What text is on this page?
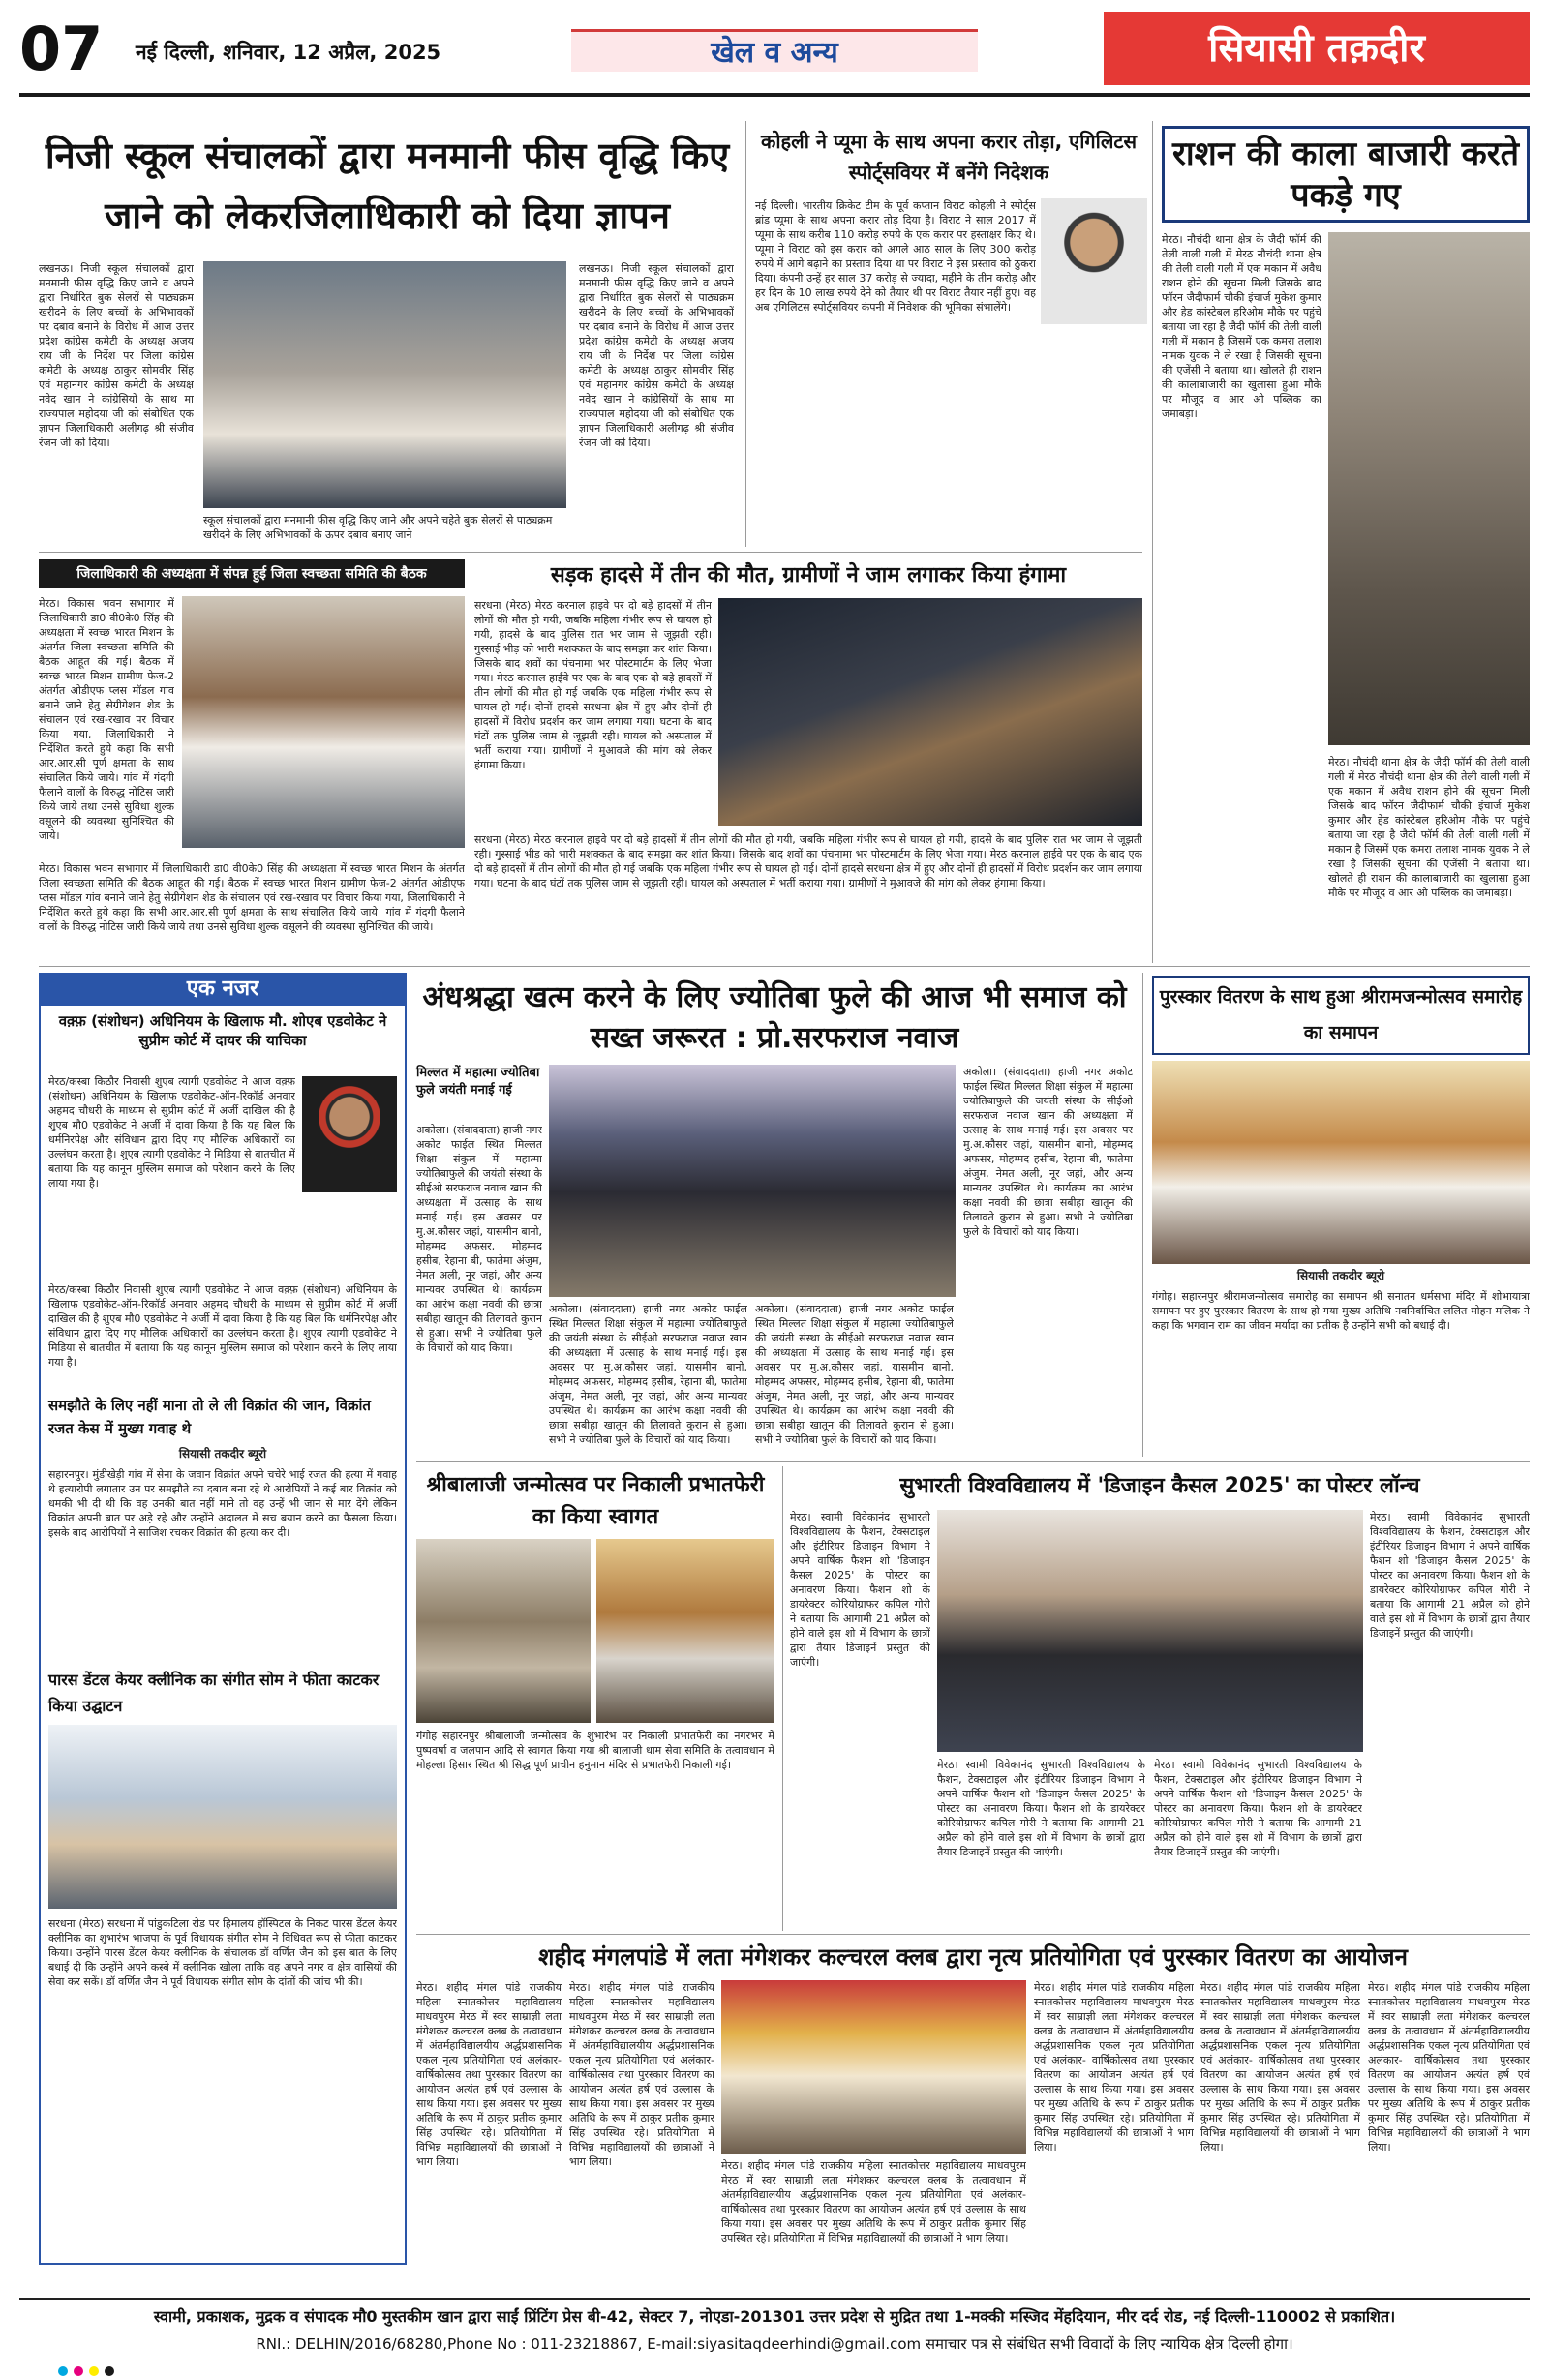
07	नई दिल्ली, शनिवार, 12 अप्रैल, 2025	खेल व अन्य	सियासी तक़दीर
निजी स्कूल संचालकों द्वारा मनमानी फीस वृद्धि किए जाने को लेकरजिलाधिकारी को दिया ज्ञापन
लखनऊ। निजी स्कूल संचालकों द्वारा मनमानी फीस वृद्धि किए जाने व अपने द्वारा निर्धारित बुक सेलरों से पाठ्यक्रम खरीदने के लिए बच्चों के अभिभावकों पर दबाव बनाने के विरोध में आज उत्तर प्रदेश कांग्रेस कमेटी के अध्यक्ष अजय राय जी के निर्देश पर जिला कांग्रेस कमेटी के अध्यक्ष ठाकुर सोमवीर सिंह एवं महानगर कांग्रेस कमेटी के अध्यक्ष नवेद खान ने कांग्रेसियों के साथ मा राज्यपाल महोदया जी को संबोधित एक ज्ञापन जिलाधिकारी अलीगढ़ श्री संजीव रंजन जी को दिया।
स्कूल संचालकों द्वारा मनमानी फीस वृद्धि किए जाने और अपने चहेते बुक सेलरों से पाठ्यक्रम खरीदने के लिए अभिभावकों के ऊपर दबाव बनाए जाने
लखनऊ। निजी स्कूल संचालकों द्वारा मनमानी फीस वृद्धि किए जाने व अपने द्वारा निर्धारित बुक सेलरों से पाठ्यक्रम खरीदने के लिए बच्चों के अभिभावकों पर दबाव बनाने के विरोध में आज उत्तर प्रदेश कांग्रेस कमेटी के अध्यक्ष अजय राय जी के निर्देश पर जिला कांग्रेस कमेटी के अध्यक्ष ठाकुर सोमवीर सिंह एवं महानगर कांग्रेस कमेटी के अध्यक्ष नवेद खान ने कांग्रेसियों के साथ मा राज्यपाल महोदया जी को संबोधित एक ज्ञापन जिलाधिकारी अलीगढ़ श्री संजीव रंजन जी को दिया।
कोहली ने प्यूमा के साथ अपना करार तोड़ा, एगिलिटस स्पोर्ट्सवियर में बनेंगे निदेशक
नई दिल्ली। भारतीय क्रिकेट टीम के पूर्व कप्तान विराट कोहली ने स्पोर्ट्स ब्रांड प्यूमा के साथ अपना करार तोड़ दिया है। विराट ने साल 2017 में प्यूमा के साथ करीब 110 करोड़ रुपये के एक करार पर हस्ताक्षर किए थे। प्यूमा ने विराट को इस करार को अगले आठ साल के लिए 300 करोड़ रुपये में आगे बढ़ाने का प्रस्ताव दिया था पर विराट ने इस प्रस्ताव को ठुकरा दिया। कंपनी उन्हें हर साल 37 करोड़ से ज्यादा, महीने के तीन करोड़ और हर दिन के 10 लाख रुपये देने को तैयार थी पर विराट तैयार नहीं हुए। वह अब एगिलिटस स्पोर्ट्सवियर कंपनी में निवेशक की भूमिका संभालेंगे।
राशन की काला बाजारी करते पकड़े गए
मेरठ। नौचंदी थाना क्षेत्र के जैदी फॉर्म की तेली वाली गली में मेरठ नौचंदी थाना क्षेत्र की तेली वाली गली में एक मकान में अवैध राशन होने की सूचना मिली जिसके बाद फॉरन जैदीफार्म चौकी इंचार्ज मुकेश कुमार और हेड कांस्टेबल हरिओम मौके पर पहुंचे बताया जा रहा है जैदी फॉर्म की तेली वाली गली में मकान है जिसमें एक कमरा तलाश नामक युवक ने ले रखा है जिसकी सूचना की एजेंसी ने बताया था। खोलते ही राशन की कालाबाजारी का खुलासा हुआ मौके पर मौजूद व आर ओ पब्लिक का जमाबड़ा।
मेरठ। नौचंदी थाना क्षेत्र के जैदी फॉर्म की तेली वाली गली में मेरठ नौचंदी थाना क्षेत्र की तेली वाली गली में एक मकान में अवैध राशन होने की सूचना मिली जिसके बाद फॉरन जैदीफार्म चौकी इंचार्ज मुकेश कुमार और हेड कांस्टेबल हरिओम मौके पर पहुंचे बताया जा रहा है जैदी फॉर्म की तेली वाली गली में मकान है जिसमें एक कमरा तलाश नामक युवक ने ले रखा है जिसकी सूचना की एजेंसी ने बताया था। खोलते ही राशन की कालाबाजारी का खुलासा हुआ मौके पर मौजूद व आर ओ पब्लिक का जमाबड़ा।
जिलाधिकारी की अध्यक्षता में संपन्न हुई जिला स्वच्छता समिति की बैठक
मेरठ। विकास भवन सभागार में जिलाधिकारी डा0 वी0के0 सिंह की अध्यक्षता में स्वच्छ भारत मिशन के अंतर्गत जिला स्वच्छता समिति की बैठक आहूत की गई। बैठक में स्वच्छ भारत मिशन ग्रामीण फेज-2 अंतर्गत ओडीएफ प्लस मॉडल गांव बनाने जाने हेतु सेग्रीगेशन शेड के संचालन एवं रख-रखाव पर विचार किया गया, जिलाधिकारी ने निर्देशित करते हुये कहा कि सभी आर.आर.सी पूर्ण क्षमता के साथ संचालित किये जाये। गांव में गंदगी फैलाने वालों के विरुद्ध नोटिस जारी किये जाये तथा उनसे सुविधा शुल्क वसूलने की व्यवस्था सुनिश्चित की जाये।
मेरठ। विकास भवन सभागार में जिलाधिकारी डा0 वी0के0 सिंह की अध्यक्षता में स्वच्छ भारत मिशन के अंतर्गत जिला स्वच्छता समिति की बैठक आहूत की गई। बैठक में स्वच्छ भारत मिशन ग्रामीण फेज-2 अंतर्गत ओडीएफ प्लस मॉडल गांव बनाने जाने हेतु सेग्रीगेशन शेड के संचालन एवं रख-रखाव पर विचार किया गया, जिलाधिकारी ने निर्देशित करते हुये कहा कि सभी आर.आर.सी पूर्ण क्षमता के साथ संचालित किये जाये। गांव में गंदगी फैलाने वालों के विरुद्ध नोटिस जारी किये जाये तथा उनसे सुविधा शुल्क वसूलने की व्यवस्था सुनिश्चित की जाये।
सड़क हादसे में तीन की मौत, ग्रामीणों ने जाम लगाकर किया हंगामा
सरधना (मेरठ) मेरठ करनाल हाइवे पर दो बड़े हादसों में तीन लोगों की मौत हो गयी, जबकि महिला गंभीर रूप से घायल हो गयी, हादसे के बाद पुलिस रात भर जाम से जूझती रही। गुस्साई भीड़ को भारी मशक्कत के बाद समझा कर शांत किया। जिसके बाद शवों का पंचनामा भर पोस्टमार्टम के लिए भेजा गया। मेरठ करनाल हाईवे पर एक के बाद एक दो बड़े हादसों में तीन लोगों की मौत हो गई जबकि एक महिला गंभीर रूप से घायल हो गई। दोनों हादसे सरधना क्षेत्र में हुए और दोनों ही हादसों में विरोध प्रदर्शन कर जाम लगाया गया। घटना के बाद घंटों तक पुलिस जाम से जूझती रही। घायल को अस्पताल में भर्ती कराया गया। ग्रामीणों ने मुआवजे की मांग को लेकर हंगामा किया।
सरधना (मेरठ) मेरठ करनाल हाइवे पर दो बड़े हादसों में तीन लोगों की मौत हो गयी, जबकि महिला गंभीर रूप से घायल हो गयी, हादसे के बाद पुलिस रात भर जाम से जूझती रही। गुस्साई भीड़ को भारी मशक्कत के बाद समझा कर शांत किया। जिसके बाद शवों का पंचनामा भर पोस्टमार्टम के लिए भेजा गया। मेरठ करनाल हाईवे पर एक के बाद एक दो बड़े हादसों में तीन लोगों की मौत हो गई जबकि एक महिला गंभीर रूप से घायल हो गई। दोनों हादसे सरधना क्षेत्र में हुए और दोनों ही हादसों में विरोध प्रदर्शन कर जाम लगाया गया। घटना के बाद घंटों तक पुलिस जाम से जूझती रही। घायल को अस्पताल में भर्ती कराया गया। ग्रामीणों ने मुआवजे की मांग को लेकर हंगामा किया।
एक नजर
वक़्फ़ (संशोधन) अधिनियम के खिलाफ मौ. शोएब एडवोकेट ने सुप्रीम कोर्ट में दायर की याचिका
मेरठ/कस्बा किठौर निवासी शुएब त्यागी एडवोकेट ने आज वक़्फ़ (संशोधन) अधिनियम के खिलाफ एडवोकेट-ऑन-रिकॉर्ड अनवार अहमद चौधरी के माध्यम से सुप्रीम कोर्ट में अर्जी दाखिल की है शुएब मौ0 एडवोकेट ने अर्जी में दावा किया है कि यह बिल कि धर्मनिरपेक्ष और संविधान द्वारा दिए गए मौलिक अधिकारों का उल्लंघन करता है। शुएब त्यागी एडवोकेट ने मिडिया से बातचीत में बताया कि यह कानून मुस्लिम समाज को परेशान करने के लिए लाया गया है।
मेरठ/कस्बा किठौर निवासी शुएब त्यागी एडवोकेट ने आज वक़्फ़ (संशोधन) अधिनियम के खिलाफ एडवोकेट-ऑन-रिकॉर्ड अनवार अहमद चौधरी के माध्यम से सुप्रीम कोर्ट में अर्जी दाखिल की है शुएब मौ0 एडवोकेट ने अर्जी में दावा किया है कि यह बिल कि धर्मनिरपेक्ष और संविधान द्वारा दिए गए मौलिक अधिकारों का उल्लंघन करता है। शुएब त्यागी एडवोकेट ने मिडिया से बातचीत में बताया कि यह कानून मुस्लिम समाज को परेशान करने के लिए लाया गया है।
समझौते के लिए नहीं माना तो ले ली विक्रांत की जान, विक्रांत रजत केस में मुख्य गवाह थे
सियासी तकदीर ब्यूरो
सहारनपुर। मुंडीखेड़ी गांव में सेना के जवान विक्रांत अपने चचेरे भाई रजत की हत्या में गवाह थे हत्यारोपी लगातार उन पर समझौते का दबाव बना रहे थे आरोपियों ने कई बार विक्रांत को धमकी भी दी थी कि वह उनकी बात नहीं माने तो वह उन्हें भी जान से मार देंगे लेकिन विक्रांत अपनी बात पर अड़े रहे और उन्होंने अदालत में सच बयान करने का फैसला किया। इसके बाद आरोपियों ने साजिश रचकर विक्रांत की हत्या कर दी।
पारस डेंटल केयर क्लीनिक का संगीत सोम ने फीता काटकर किया उद्घाटन
सरधना (मेरठ) सरधना में पांडुकटिला रोड पर हिमालय हॉस्पिटल के निकट पारस डेंटल केयर क्लीनिक का शुभारंभ भाजपा के पूर्व विधायक संगीत सोम ने विधिवत रूप से फीता काटकर किया। उन्होंने पारस डेंटल केयर क्लीनिक के संचालक डॉ वर्णित जैन को इस बात के लिए बधाई दी कि उन्होंने अपने कस्बे में क्लीनिक खोला ताकि वह अपने नगर व क्षेत्र वासियों की सेवा कर सकें। डॉ वर्णित जैन ने पूर्व विधायक संगीत सोम के दांतों की जांच भी की।
अंधश्रद्धा खत्म करने के लिए ज्योतिबा फुले की आज भी समाज को सख्त जरूरत : प्रो.सरफराज नवाज
मिल्लत में महात्मा ज्योतिबा फुले जयंती मनाई गई
अकोला। (संवाददाता) हाजी नगर अकोट फाईल स्थित मिल्लत शिक्षा संकुल में महात्मा ज्योतिबाफुले की जयंती संस्था के सीईओ सरफराज नवाज खान की अध्यक्षता में उत्साह के साथ मनाई गई। इस अवसर पर मु.अ.कौसर जहां, यासमीन बानो, मोहम्मद अफसर, मोहम्मद हसीब, रेहाना बी, फातेमा अंजुम, नेमत अली, नूर जहां, और अन्य मान्यवर उपस्थित थे। कार्यक्रम का आरंभ कक्षा नववी की छात्रा सबीहा खातून की तिलावते कुरान से हुआ। सभी ने ज्योतिबा फुले के विचारों को याद किया।
अकोला। (संवाददाता) हाजी नगर अकोट फाईल स्थित मिल्लत शिक्षा संकुल में महात्मा ज्योतिबाफुले की जयंती संस्था के सीईओ सरफराज नवाज खान की अध्यक्षता में उत्साह के साथ मनाई गई। इस अवसर पर मु.अ.कौसर जहां, यासमीन बानो, मोहम्मद अफसर, मोहम्मद हसीब, रेहाना बी, फातेमा अंजुम, नेमत अली, नूर जहां, और अन्य मान्यवर उपस्थित थे। कार्यक्रम का आरंभ कक्षा नववी की छात्रा सबीहा खातून की तिलावते कुरान से हुआ। सभी ने ज्योतिबा फुले के विचारों को याद किया।
अकोला। (संवाददाता) हाजी नगर अकोट फाईल स्थित मिल्लत शिक्षा संकुल में महात्मा ज्योतिबाफुले की जयंती संस्था के सीईओ सरफराज नवाज खान की अध्यक्षता में उत्साह के साथ मनाई गई। इस अवसर पर मु.अ.कौसर जहां, यासमीन बानो, मोहम्मद अफसर, मोहम्मद हसीब, रेहाना बी, फातेमा अंजुम, नेमत अली, नूर जहां, और अन्य मान्यवर उपस्थित थे। कार्यक्रम का आरंभ कक्षा नववी की छात्रा सबीहा खातून की तिलावते कुरान से हुआ। सभी ने ज्योतिबा फुले के विचारों को याद किया।
अकोला। (संवाददाता) हाजी नगर अकोट फाईल स्थित मिल्लत शिक्षा संकुल में महात्मा ज्योतिबाफुले की जयंती संस्था के सीईओ सरफराज नवाज खान की अध्यक्षता में उत्साह के साथ मनाई गई। इस अवसर पर मु.अ.कौसर जहां, यासमीन बानो, मोहम्मद अफसर, मोहम्मद हसीब, रेहाना बी, फातेमा अंजुम, नेमत अली, नूर जहां, और अन्य मान्यवर उपस्थित थे। कार्यक्रम का आरंभ कक्षा नववी की छात्रा सबीहा खातून की तिलावते कुरान से हुआ। सभी ने ज्योतिबा फुले के विचारों को याद किया।
पुरस्कार वितरण के साथ हुआ श्रीरामजन्मोत्सव समारोह का समापन
सियासी तकदीर ब्यूरो
गंगोह। सहारनपुर श्रीरामजन्मोत्सव समारोह का समापन श्री सनातन धर्मसभा मंदिर में शोभायात्रा समापन पर हुए पुरस्कार वितरण के साथ हो गया मुख्य अतिथि नवनिर्वाचित ललित मोहन मलिक ने कहा कि भगवान राम का जीवन मर्यादा का प्रतीक है उन्होंने सभी को बधाई दी।
श्रीबालाजी जन्मोत्सव पर निकाली प्रभातफेरी का किया स्वागत
गंगोह सहारनपुर श्रीबालाजी जन्मोत्सव के शुभारंभ पर निकाली प्रभातफेरी का नगरभर में पुष्पवर्षा व जलपान आदि से स्वागत किया गया श्री बालाजी धाम सेवा समिति के तत्वावधान में मोहल्ला हिसार स्थित श्री सिद्ध पूर्ण प्राचीन हनुमान मंदिर से प्रभातफेरी निकाली गई।
सुभारती विश्वविद्यालय में 'डिजाइन कैसल 2025' का पोस्टर लॉन्च
मेरठ। स्वामी विवेकानंद सुभारती विश्वविद्यालय के फैशन, टेक्सटाइल और इंटीरियर डिजाइन विभाग ने अपने वार्षिक फैशन शो 'डिजाइन कैसल 2025' के पोस्टर का अनावरण किया। फैशन शो के डायरेक्टर कोरियोग्राफर कपिल गोरी ने बताया कि आगामी 21 अप्रैल को होने वाले इस शो में विभाग के छात्रों द्वारा तैयार डिजाइनें प्रस्तुत की जाएंगी।
मेरठ। स्वामी विवेकानंद सुभारती विश्वविद्यालय के फैशन, टेक्सटाइल और इंटीरियर डिजाइन विभाग ने अपने वार्षिक फैशन शो 'डिजाइन कैसल 2025' के पोस्टर का अनावरण किया। फैशन शो के डायरेक्टर कोरियोग्राफर कपिल गोरी ने बताया कि आगामी 21 अप्रैल को होने वाले इस शो में विभाग के छात्रों द्वारा तैयार डिजाइनें प्रस्तुत की जाएंगी।
मेरठ। स्वामी विवेकानंद सुभारती विश्वविद्यालय के फैशन, टेक्सटाइल और इंटीरियर डिजाइन विभाग ने अपने वार्षिक फैशन शो 'डिजाइन कैसल 2025' के पोस्टर का अनावरण किया। फैशन शो के डायरेक्टर कोरियोग्राफर कपिल गोरी ने बताया कि आगामी 21 अप्रैल को होने वाले इस शो में विभाग के छात्रों द्वारा तैयार डिजाइनें प्रस्तुत की जाएंगी।
मेरठ। स्वामी विवेकानंद सुभारती विश्वविद्यालय के फैशन, टेक्सटाइल और इंटीरियर डिजाइन विभाग ने अपने वार्षिक फैशन शो 'डिजाइन कैसल 2025' के पोस्टर का अनावरण किया। फैशन शो के डायरेक्टर कोरियोग्राफर कपिल गोरी ने बताया कि आगामी 21 अप्रैल को होने वाले इस शो में विभाग के छात्रों द्वारा तैयार डिजाइनें प्रस्तुत की जाएंगी।
शहीद मंगलपांडे में लता मंगेशकर कल्चरल क्लब द्वारा नृत्य प्रतियोगिता एवं पुरस्कार वितरण का आयोजन
मेरठ। शहीद मंगल पांडे राजकीय महिला स्नातकोत्तर महाविद्यालय माधवपुरम मेरठ में स्वर साम्राज्ञी लता मंगेशकर कल्चरल क्लब के तत्वावधान में अंतर्महाविद्यालयीय अर्द्धप्रशासनिक एकल नृत्य प्रतियोगिता एवं अलंकार- वार्षिकोत्सव तथा पुरस्कार वितरण का आयोजन अत्यंत हर्ष एवं उल्लास के साथ किया गया। इस अवसर पर मुख्य अतिथि के रूप में ठाकुर प्रतीक कुमार सिंह उपस्थित रहे। प्रतियोगिता में विभिन्न महाविद्यालयों की छात्राओं ने भाग लिया।
मेरठ। शहीद मंगल पांडे राजकीय महिला स्नातकोत्तर महाविद्यालय माधवपुरम मेरठ में स्वर साम्राज्ञी लता मंगेशकर कल्चरल क्लब के तत्वावधान में अंतर्महाविद्यालयीय अर्द्धप्रशासनिक एकल नृत्य प्रतियोगिता एवं अलंकार- वार्षिकोत्सव तथा पुरस्कार वितरण का आयोजन अत्यंत हर्ष एवं उल्लास के साथ किया गया। इस अवसर पर मुख्य अतिथि के रूप में ठाकुर प्रतीक कुमार सिंह उपस्थित रहे। प्रतियोगिता में विभिन्न महाविद्यालयों की छात्राओं ने भाग लिया।	मेरठ। शहीद मंगल पांडे राजकीय महिला स्नातकोत्तर महाविद्यालय माधवपुरम मेरठ में स्वर साम्राज्ञी लता मंगेशकर कल्चरल क्लब के तत्वावधान में अंतर्महाविद्यालयीय अर्द्धप्रशासनिक एकल नृत्य प्रतियोगिता एवं अलंकार- वार्षिकोत्सव तथा पुरस्कार वितरण का आयोजन अत्यंत हर्ष एवं उल्लास के साथ किया गया। इस अवसर पर मुख्य अतिथि के रूप में ठाकुर प्रतीक कुमार सिंह उपस्थित रहे। प्रतियोगिता में विभिन्न महाविद्यालयों की छात्राओं ने भाग लिया।
मेरठ। शहीद मंगल पांडे राजकीय महिला स्नातकोत्तर महाविद्यालय माधवपुरम मेरठ में स्वर साम्राज्ञी लता मंगेशकर कल्चरल क्लब के तत्वावधान में अंतर्महाविद्यालयीय अर्द्धप्रशासनिक एकल नृत्य प्रतियोगिता एवं अलंकार- वार्षिकोत्सव तथा पुरस्कार वितरण का आयोजन अत्यंत हर्ष एवं उल्लास के साथ किया गया। इस अवसर पर मुख्य अतिथि के रूप में ठाकुर प्रतीक कुमार सिंह उपस्थित रहे। प्रतियोगिता में विभिन्न महाविद्यालयों की छात्राओं ने भाग लिया।
मेरठ। शहीद मंगल पांडे राजकीय महिला स्नातकोत्तर महाविद्यालय माधवपुरम मेरठ में स्वर साम्राज्ञी लता मंगेशकर कल्चरल क्लब के तत्वावधान में अंतर्महाविद्यालयीय अर्द्धप्रशासनिक एकल नृत्य प्रतियोगिता एवं अलंकार- वार्षिकोत्सव तथा पुरस्कार वितरण का आयोजन अत्यंत हर्ष एवं उल्लास के साथ किया गया। इस अवसर पर मुख्य अतिथि के रूप में ठाकुर प्रतीक कुमार सिंह उपस्थित रहे। प्रतियोगिता में विभिन्न महाविद्यालयों की छात्राओं ने भाग लिया।
मेरठ। शहीद मंगल पांडे राजकीय महिला स्नातकोत्तर महाविद्यालय माधवपुरम मेरठ में स्वर साम्राज्ञी लता मंगेशकर कल्चरल क्लब के तत्वावधान में अंतर्महाविद्यालयीय अर्द्धप्रशासनिक एकल नृत्य प्रतियोगिता एवं अलंकार- वार्षिकोत्सव तथा पुरस्कार वितरण का आयोजन अत्यंत हर्ष एवं उल्लास के साथ किया गया। इस अवसर पर मुख्य अतिथि के रूप में ठाकुर प्रतीक कुमार सिंह उपस्थित रहे। प्रतियोगिता में विभिन्न महाविद्यालयों की छात्राओं ने भाग लिया।
स्वामी, प्रकाशक, मुद्रक व संपादक मौ0 मुस्तकीम खान द्वारा साईं प्रिंटिंग प्रेस बी-42, सेक्टर 7, नोएडा-201301 उत्तर प्रदेश से मुद्रित तथा 1-मक्की मस्जिद मेंहदियान, मीर दर्द रोड, नई दिल्ली-110002 से प्रकाशित।
RNI.: DELHIN/2016/68280,Phone No : 011-23218867, E-mail:siyasitaqdeerhindi@gmail.com समाचार पत्र से संबंधित सभी विवादों के लिए न्यायिक क्षेत्र दिल्ली होगा।
